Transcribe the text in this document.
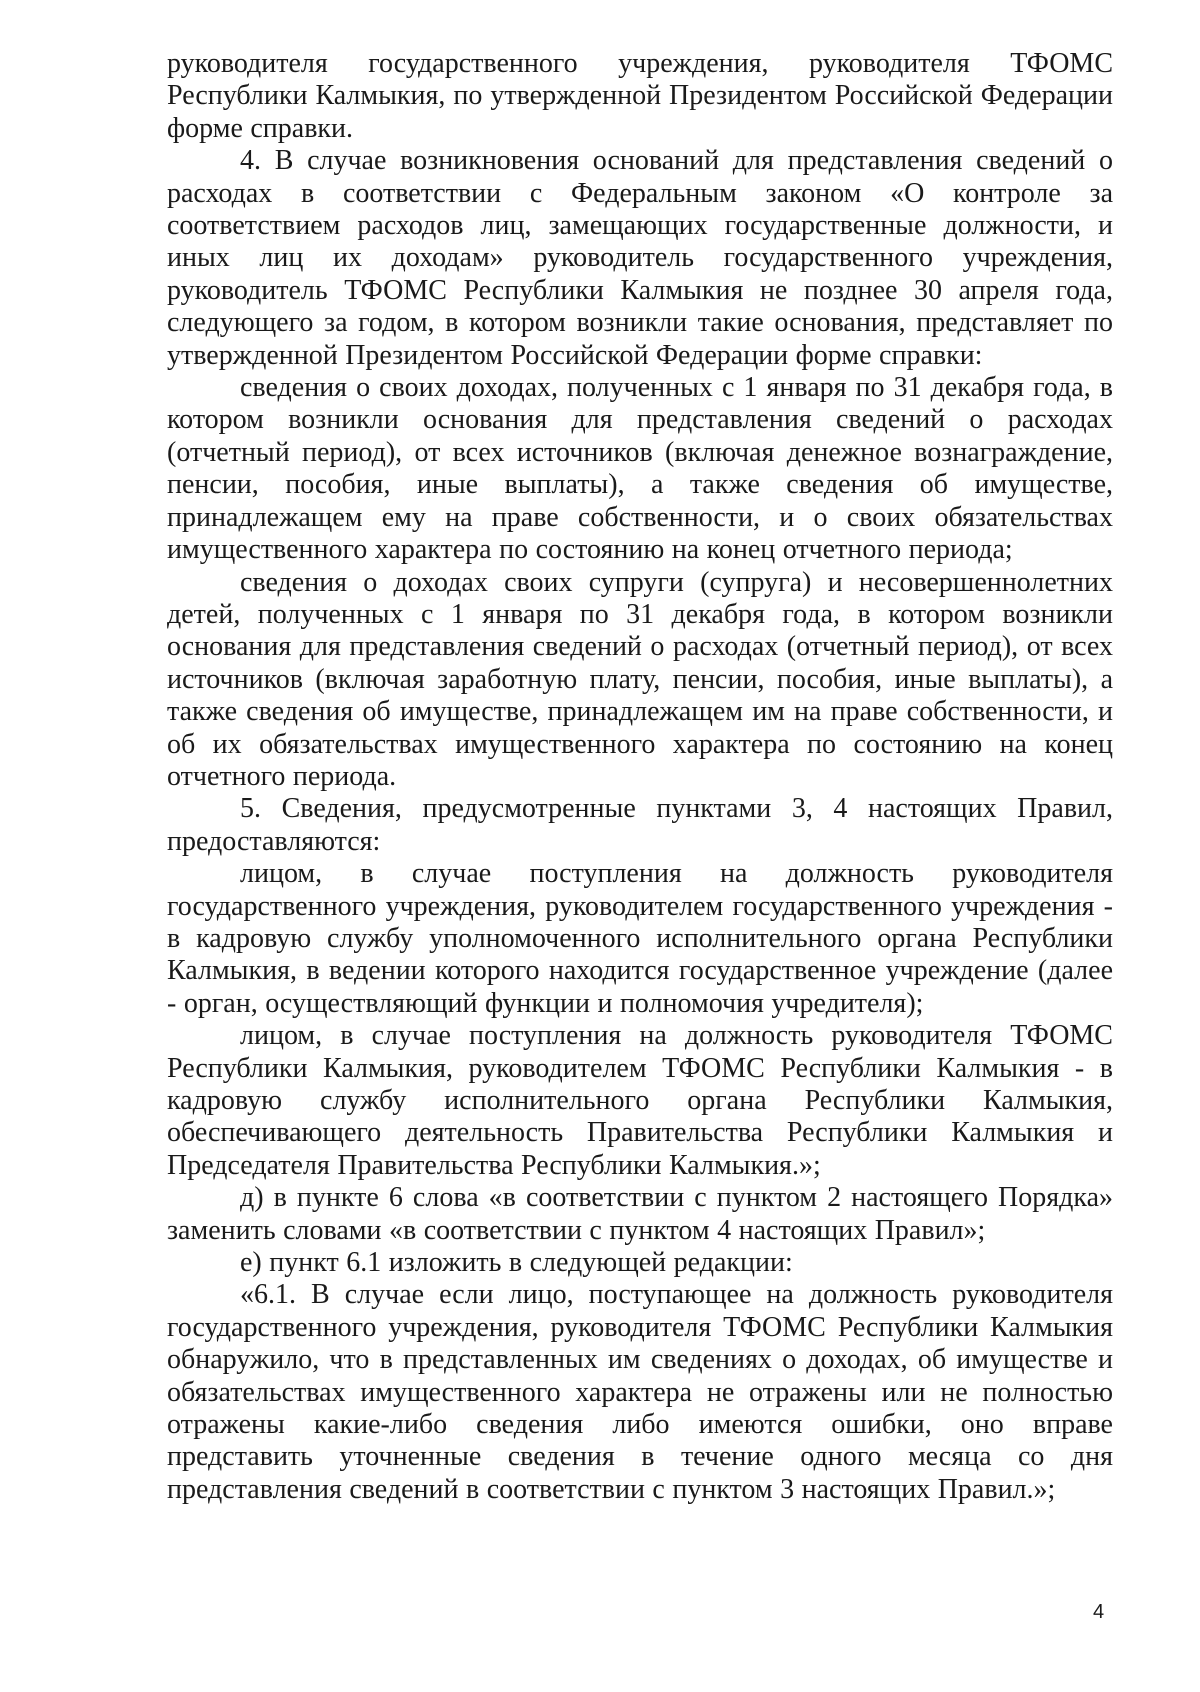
руководителя государственного учреждения, руководителя ТФОМС Республики Калмыкия, по утвержденной Президентом Российской Федерации форме справки.

4. В случае возникновения оснований для представления сведений о расходах в соответствии с Федеральным законом «О контроле за соответствием расходов лиц, замещающих государственные должности, и иных лиц их доходам» руководитель государственного учреждения, руководитель ТФОМС Республики Калмыкия не позднее 30 апреля года, следующего за годом, в котором возникли такие основания, представляет по утвержденной Президентом Российской Федерации форме справки:

сведения о своих доходах, полученных с 1 января по 31 декабря года, в котором возникли основания для представления сведений о расходах (отчетный период), от всех источников (включая денежное вознаграждение, пенсии, пособия, иные выплаты), а также сведения об имуществе, принадлежащем ему на праве собственности, и о своих обязательствах имущественного характера по состоянию на конец отчетного периода;

сведения о доходах своих супруги (супруга) и несовершеннолетних детей, полученных с 1 января по 31 декабря года, в котором возникли основания для представления сведений о расходах (отчетный период), от всех источников (включая заработную плату, пенсии, пособия, иные выплаты), а также сведения об имуществе, принадлежащем им на праве собственности, и об их обязательствах имущественного характера по состоянию на конец отчетного периода.

5. Сведения, предусмотренные пунктами 3, 4 настоящих Правил, предоставляются:

лицом, в случае поступления на должность руководителя государственного учреждения, руководителем государственного учреждения - в кадровую службу уполномоченного исполнительного органа Республики Калмыкия, в ведении которого находится государственное учреждение (далее - орган, осуществляющий функции и полномочия учредителя);

лицом, в случае поступления на должность руководителя ТФОМС Республики Калмыкия, руководителем ТФОМС Республики Калмыкия - в кадровую службу исполнительного органа Республики Калмыкия, обеспечивающего деятельность Правительства Республики Калмыкия и Председателя Правительства Республики Калмыкия.»;

д) в пункте 6 слова «в соответствии с пунктом 2 настоящего Порядка» заменить словами «в соответствии с пунктом 4 настоящих Правил»;

е) пункт 6.1 изложить в следующей редакции:

«6.1. В случае если лицо, поступающее на должность руководителя государственного учреждения, руководителя ТФОМС Республики Калмыкия обнаружило, что в представленных им сведениях о доходах, об имуществе и обязательствах имущественного характера не отражены или не полностью отражены какие-либо сведения либо имеются ошибки, оно вправе представить уточненные сведения в течение одного месяца со дня представления сведений в соответствии с пунктом 3 настоящих Правил.»;

4
